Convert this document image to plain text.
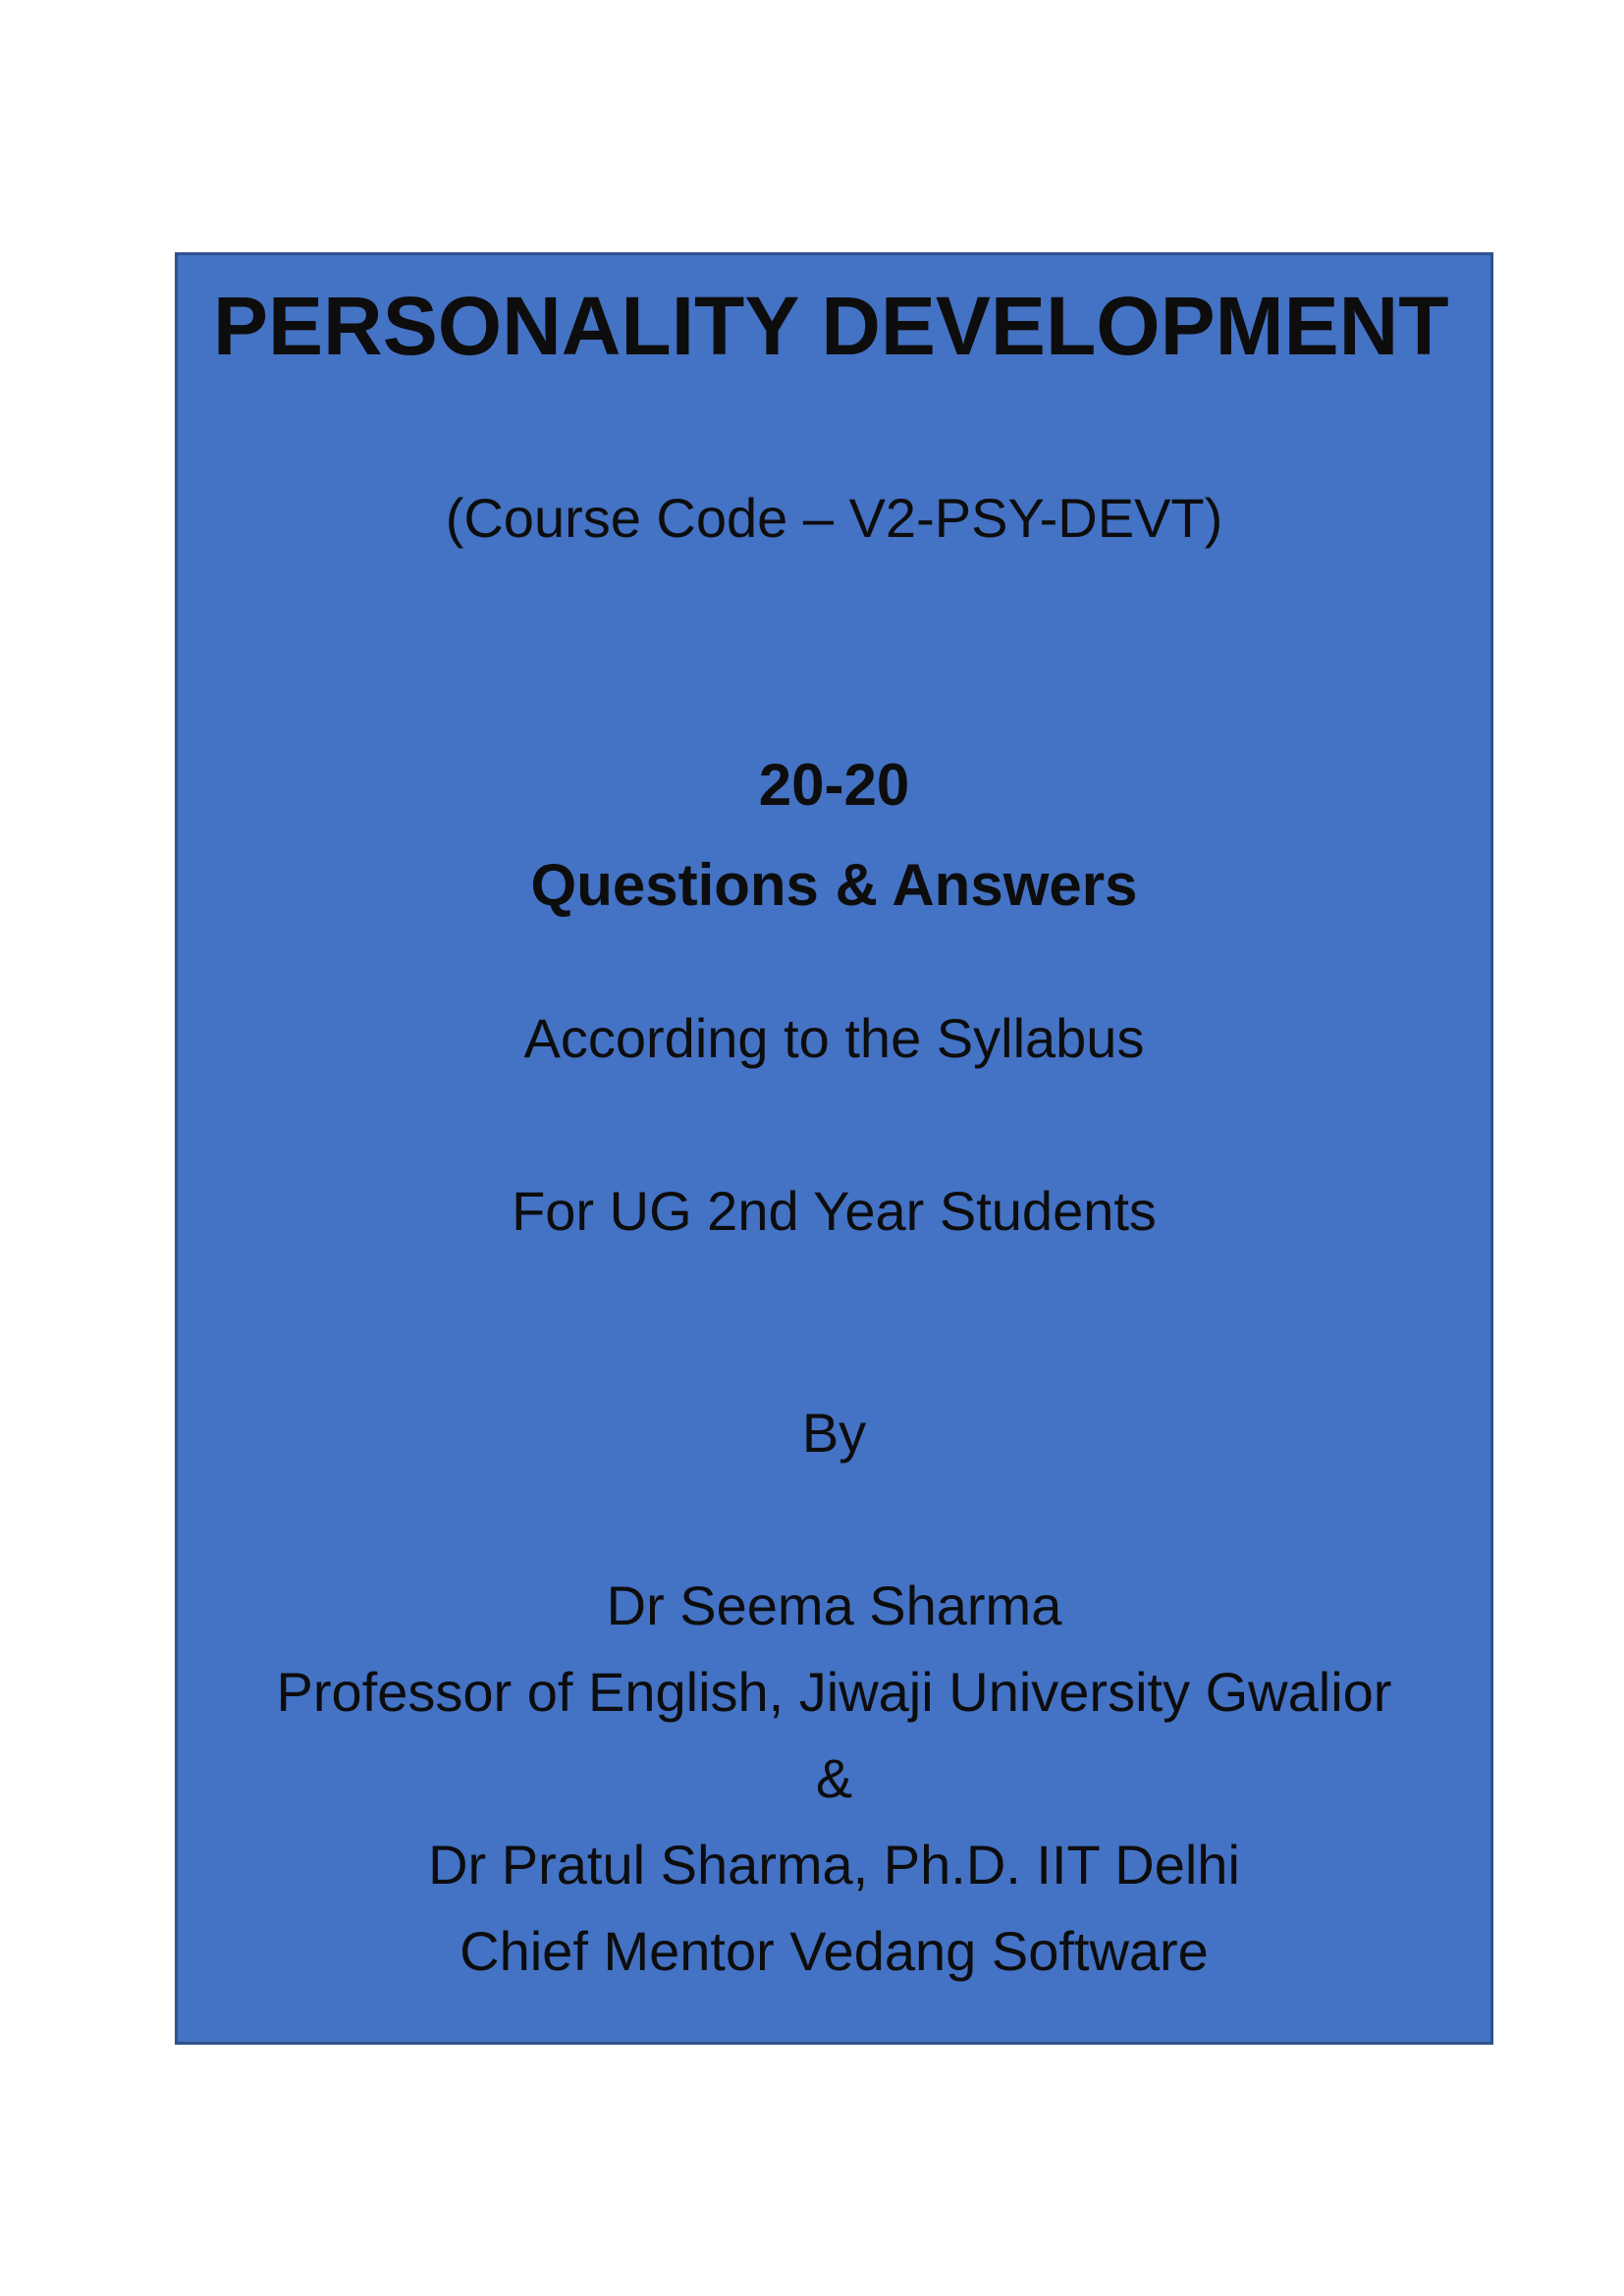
PERSONALITY DEVELOPMENT
(Course Code – V2-PSY-DEVT)
20-20
Questions & Answers
According to the Syllabus
For UG 2nd Year Students
By
Dr Seema Sharma
Professor of English, Jiwaji University Gwalior
&
Dr Pratul Sharma, Ph.D. IIT Delhi
Chief Mentor Vedang Software
